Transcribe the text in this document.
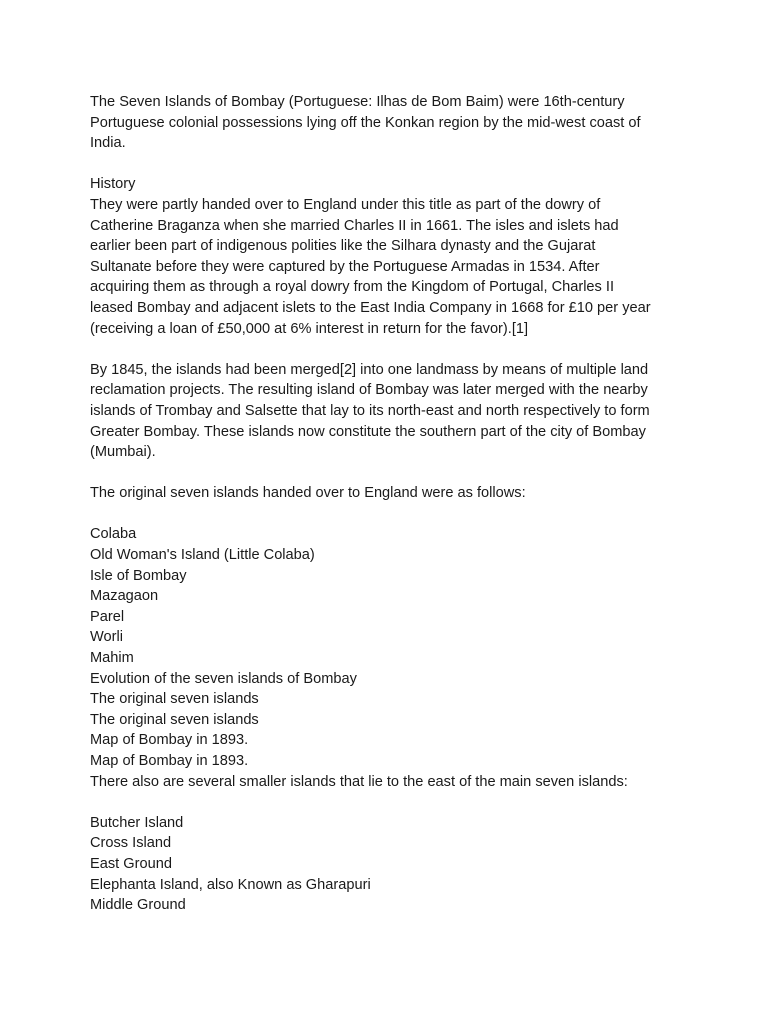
The Seven Islands of Bombay (Portuguese: Ilhas de Bom Baim) were 16th-century
Portuguese colonial possessions lying off the Konkan region by the mid-west coast of
India.
History
They were partly handed over to England under this title as part of the dowry of
Catherine Braganza when she married Charles II in 1661. The isles and islets had
earlier been part of indigenous polities like the Silhara dynasty and the Gujarat
Sultanate before they were captured by the Portuguese Armadas in 1534. After
acquiring them as through a royal dowry from the Kingdom of Portugal, Charles II
leased Bombay and adjacent islets to the East India Company in 1668 for £10 per year
(receiving a loan of £50,000 at 6% interest in return for the favor).[1]
By 1845, the islands had been merged[2] into one landmass by means of multiple land
reclamation projects. The resulting island of Bombay was later merged with the nearby
islands of Trombay and Salsette that lay to its north-east and north respectively to form
Greater Bombay. These islands now constitute the southern part of the city of Bombay
(Mumbai).
The original seven islands handed over to England were as follows:
Colaba
Old Woman's Island (Little Colaba)
Isle of Bombay
Mazagaon
Parel
Worli
Mahim
Evolution of the seven islands of Bombay
The original seven islands
The original seven islands
Map of Bombay in 1893.
Map of Bombay in 1893.
There also are several smaller islands that lie to the east of the main seven islands:
Butcher Island
Cross Island
East Ground
Elephanta Island, also Known as Gharapuri
Middle Ground
